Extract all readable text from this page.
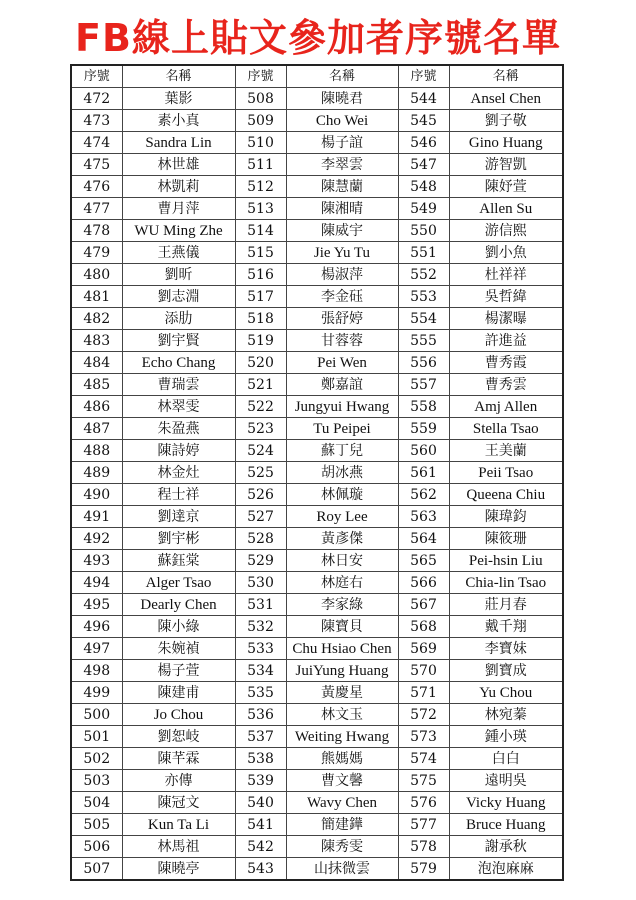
FB線上貼文參加者序號名單
序號	名稱	序號	名稱	序號	名稱
472	葉影	508	陳曉君	544	Ansel Chen
473	素小真	509	Cho Wei	545	劉子敬
474	Sandra Lin	510	楊子誼	546	Gino Huang
475	林世雄	511	李翠雲	547	游智凱
476	林凱莉	512	陳慧蘭	548	陳妤萱
477	曹月萍	513	陳湘晴	549	Allen Su
478	WU Ming Zhe	514	陳威宇	550	游信熙
479	王燕儀	515	Jie Yu Tu	551	劉小魚
480	劉昕	516	楊淑萍	552	杜祥祥
481	劉志淵	517	李金砡	553	吳哲緯
482	添肋	518	張舒婷	554	楊潔曝
483	劉宇賢	519	甘蓉蓉	555	許進益
484	Echo Chang	520	Pei Wen	556	曹秀霞
485	曹瑞雲	521	鄭嘉誼	557	曹秀雲
486	林翠雯	522	Jungyui Hwang	558	Amj Allen
487	朱盈燕	523	Tu Peipei	559	Stella Tsao
488	陳詩婷	524	蘇丁兒	560	王美蘭
489	林金灶	525	胡冰燕	561	Peii Tsao
490	程士祥	526	林佩璇	562	Queena Chiu
491	劉達京	527	Roy Lee	563	陳瑋鈞
492	劉宇彬	528	黃彥傑	564	陳筱珊
493	蘇鈺棠	529	林日安	565	Pei-hsin Liu
494	Alger Tsao	530	林庭右	566	Chia-lin Tsao
495	Dearly Chen	531	李家綠	567	莊月春
496	陳小綠	532	陳寶貝	568	戴千翔
497	朱婉禎	533	Chu Hsiao Chen	569	李寶妹
498	楊子萱	534	JuiYung Huang	570	劉寶成
499	陳建甫	535	黃慶星	571	Yu Chou
500	Jo Chou	536	林文玉	572	林宛蓁
501	劉恕岐	537	Weiting Hwang	573	鍾小瑛
502	陳芊霖	538	熊媽媽	574	白白
503	亦傳	539	曹文馨	575	遠明吳
504	陳冠文	540	Wavy Chen	576	Vicky Huang
505	Kun Ta Li	541	簡建鏵	577	Bruce Huang
506	林馬祖	542	陳秀雯	578	謝承秋
507	陳曉亭	543	山抹微雲	579	泡泡麻麻
